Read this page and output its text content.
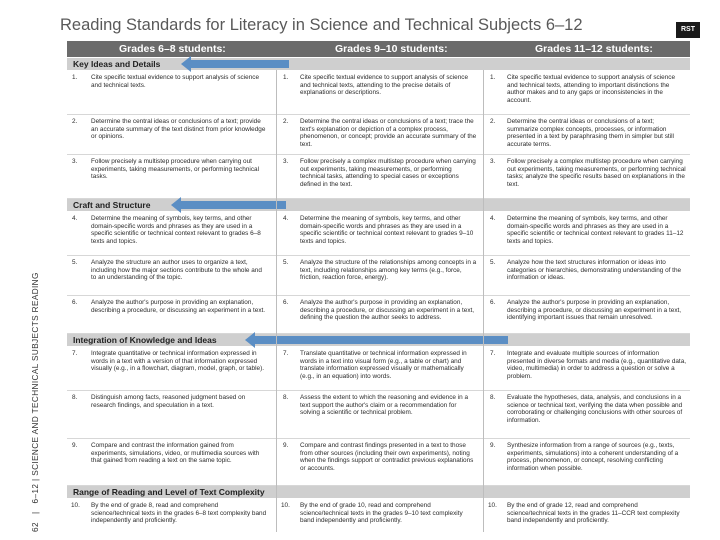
62   |   6–12 | SCIENCE AND TECHNICAL SUBJECTS READING
Reading Standards for Literacy in Science and Technical Subjects 6–12	RST
Grades 6–8 students:	Grades 9–10 students:	Grades 11–12 students:
Key Ideas and Details
1. Cite specific textual evidence to support analysis of science and technical texts.
1. Cite specific textual evidence to support analysis of science and technical texts, attending to the precise details of explanations or descriptions.
1. Cite specific textual evidence to support analysis of science and technical texts, attending to important distinctions the author makes and to any gaps or inconsistencies in the account.
2. Determine the central ideas or conclusions of a text; provide an accurate summary of the text distinct from prior knowledge or opinions.
2. Determine the central ideas or conclusions of a text; trace the text's explanation or depiction of a complex process, phenomenon, or concept; provide an accurate summary of the text.
2. Determine the central ideas or conclusions of a text; summarize complex concepts, processes, or information presented in a text by paraphrasing them in simpler but still accurate terms.
3. Follow precisely a multistep procedure when carrying out experiments, taking measurements, or performing technical tasks.
3. Follow precisely a complex multistep procedure when carrying out experiments, taking measurements, or performing technical tasks, attending to special cases or exceptions defined in the text.
3. Follow precisely a complex multistep procedure when carrying out experiments, taking measurements, or performing technical tasks; analyze the specific results based on explanations in the text.
Craft and Structure
4. Determine the meaning of symbols, key terms, and other domain-specific words and phrases as they are used in a specific scientific or technical context relevant to grades 6–8 texts and topics.
4. Determine the meaning of symbols, key terms, and other domain-specific words and phrases as they are used in a specific scientific or technical context relevant to grades 9–10 texts and topics.
4. Determine the meaning of symbols, key terms, and other domain-specific words and phrases as they are used in a specific scientific or technical context relevant to grades 11–12 texts and topics.
5. Analyze the structure an author uses to organize a text, including how the major sections contribute to the whole and to an understanding of the topic.
5. Analyze the structure of the relationships among concepts in a text, including relationships among key terms (e.g., force, friction, reaction force, energy).
5. Analyze how the text structures information or ideas into categories or hierarchies, demonstrating understanding of the information or ideas.
6. Analyze the author's purpose in providing an explanation, describing a procedure, or discussing an experiment in a text.
6. Analyze the author's purpose in providing an explanation, describing a procedure, or discussing an experiment in a text, defining the question the author seeks to address.
6. Analyze the author's purpose in providing an explanation, describing a procedure, or discussing an experiment in a text, identifying important issues that remain unresolved.
Integration of Knowledge and Ideas
7. Integrate quantitative or technical information expressed in words in a text with a version of that information expressed visually (e.g., in a flowchart, diagram, model, graph, or table).
7. Translate quantitative or technical information expressed in words in a text into visual form (e.g., a table or chart) and translate information expressed visually or mathematically (e.g., in an equation) into words.
7. Integrate and evaluate multiple sources of information presented in diverse formats and media (e.g., quantitative data, video, multimedia) in order to address a question or solve a problem.
8. Distinguish among facts, reasoned judgment based on research findings, and speculation in a text.
8. Assess the extent to which the reasoning and evidence in a text support the author's claim or a recommendation for solving a scientific or technical problem.
8. Evaluate the hypotheses, data, analysis, and conclusions in a science or technical text, verifying the data when possible and corroborating or challenging conclusions with other sources of information.
9. Compare and contrast the information gained from experiments, simulations, video, or multimedia sources with that gained from reading a text on the same topic.
9. Compare and contrast findings presented in a text to those from other sources (including their own experiments), noting when the findings support or contradict previous explanations or accounts.
9. Synthesize information from a range of sources (e.g., texts, experiments, simulations) into a coherent understanding of a process, phenomenon, or concept, resolving conflicting information when possible.
Range of Reading and Level of Text Complexity
10. By the end of grade 8, read and comprehend science/technical texts in the grades 6–8 text complexity band independently and proficiently.
10. By the end of grade 10, read and comprehend science/technical texts in the grades 9–10 text complexity band independently and proficiently.
10. By the end of grade 12, read and comprehend science/technical texts in the grades 11–CCR text complexity band independently and proficiently.
